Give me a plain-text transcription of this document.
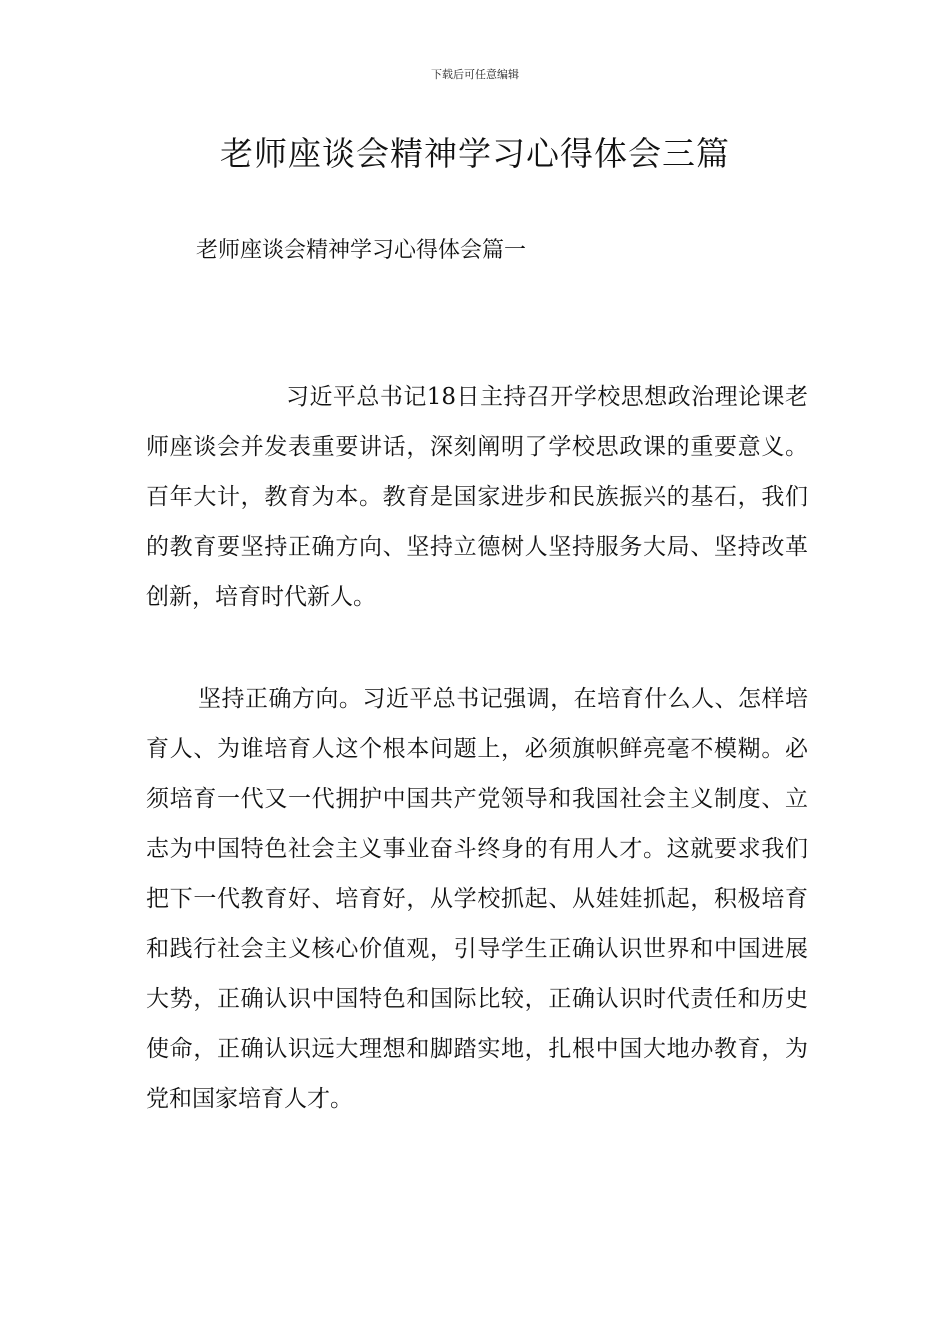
下载后可任意编辑
老师座谈会精神学习心得体会三篇
老师座谈会精神学习心得体会篇一

习近平总书记18日主持召开学校思想政治理论课老师座谈会并发表重要讲话，深刻阐明了学校思政课的重要意义。百年大计，教育为本。教育是国家进步和民族振兴的基石，我们的教育要坚持正确方向、坚持立德树人坚持服务大局、坚持改革创新，培育时代新人。

坚持正确方向。习近平总书记强调，在培育什么人、怎样培育人、为谁培育人这个根本问题上，必须旗帜鲜亮毫不模糊。必须培育一代又一代拥护中国共产党领导和我国社会主义制度、立志为中国特色社会主义事业奋斗终身的有用人才。这就要求我们把下一代教育好、培育好，从学校抓起、从娃娃抓起，积极培育和践行社会主义核心价值观，引导学生正确认识世界和中国进展大势，正确认识中国特色和国际比较，正确认识时代责任和历史使命，正确认识远大理想和脚踏实地，扎根中国大地办教育，为党和国家培育人才。
